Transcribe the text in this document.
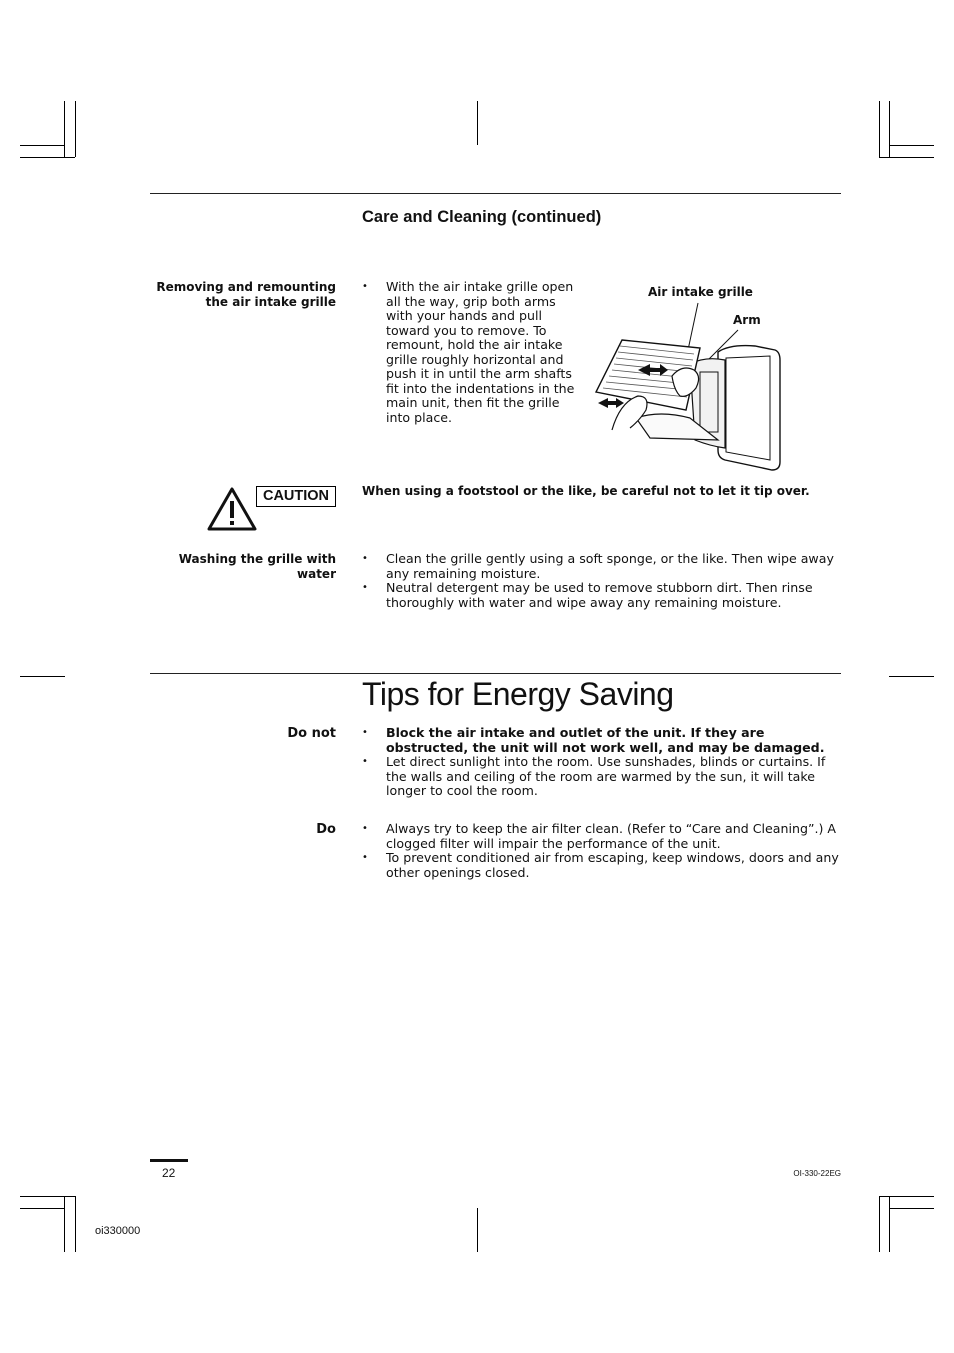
Care and Cleaning (continued)
Removing and remounting the air intake grille
• With the air intake grille open all the way, grip both arms with your hands and pull toward you to remove. To remount, hold the air intake grille roughly horizontal and push it in until the arm shafts fit into the indentations in the main unit, then fit the grille into place.
Air intake grille
Arm
CAUTION	When using a footstool or the like, be careful not to let it tip over.
Washing the grille with water
• Clean the grille gently using a soft sponge, or the like. Then wipe away any remaining moisture.
• Neutral detergent may be used to remove stubborn dirt. Then rinse thoroughly with water and wipe away any remaining moisture.
Tips for Energy Saving
Do not	• Block the air intake and outlet of the unit. If they are obstructed, the unit will not work well, and may be damaged.
• Let direct sunlight into the room. Use sunshades, blinds or curtains. If the walls and ceiling of the room are warmed by the sun, it will take longer to cool the room.
Do	• Always try to keep the air filter clean. (Refer to “Care and Cleaning”.) A clogged filter will impair the performance of the unit.
• To prevent conditioned air from escaping, keep windows, doors and any other openings closed.
22	OI-330-22EG
oi330000
